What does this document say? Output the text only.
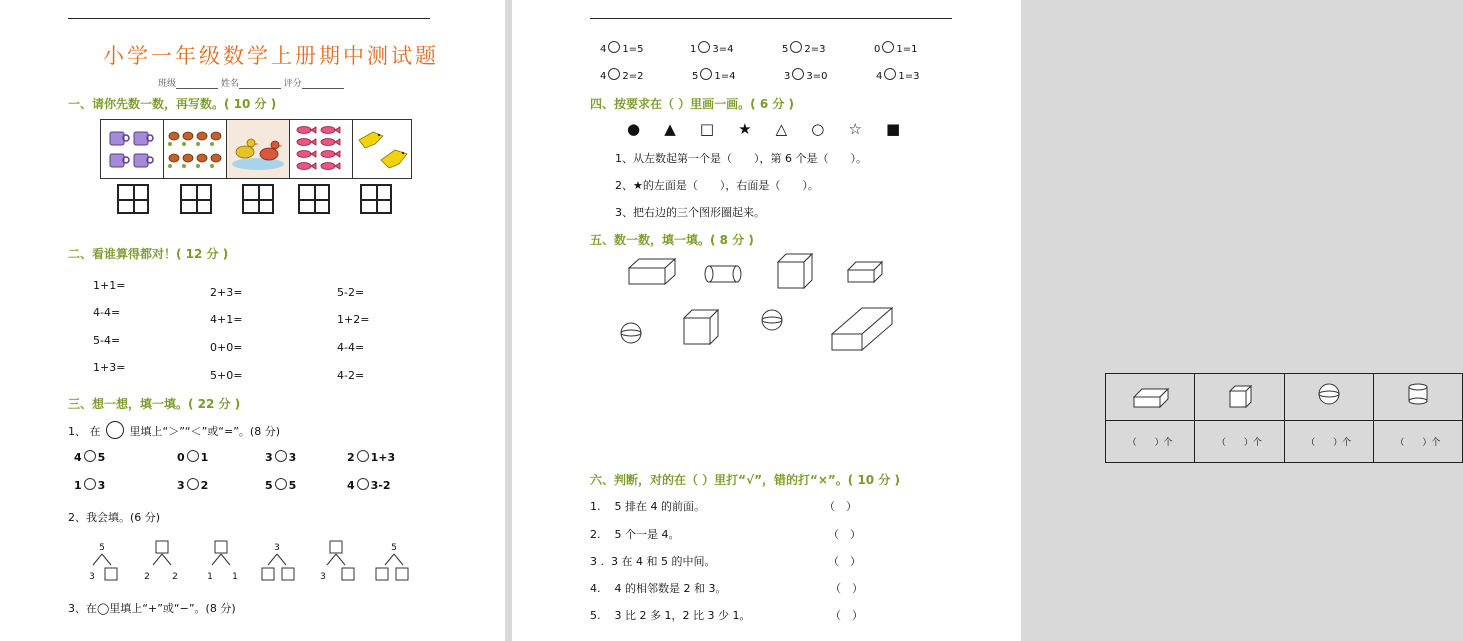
小学一年级数学上册期中测试题
班级	姓名	评分
一、请你先数一数，再写数。( 10 分 )
二、看谁算得都对！( 12 分 )
1+1=
4-4=
5-4=
1+3=
2+3=
4+1=
0+0=
5+0=
5-2=
1+2=
4-4=
4-2=
三、想一想，填一填。( 22 分 )
1、 在	里填上“＞”“＜”或“=”。(8 分)
4 5	0 1	3 3	2 1+3
1 3	3 2	5 5	4 3-2
2、我会填。(6 分)
5
3	2 2	1 1
3
3
5
3、在◯里填上“+”或“−”。(8 分)
4 1=5	1 3=4	5 2=3	0 1=1
4 2=2	5 1=4	3 3=0	4 1=3
四、按要求在（ ）里画一画。( 6 分 )
● ▲ □ ★ △ ○ ☆ ■
1、从左数起第一个是（　　），第 6 个是（　　）。
2、★的左面是（　　），右面是（　　）。
3、把右边的三个图形圈起来。
五、数一数，填一填。( 8 分 )

（　　）个	（　　）个	（　　）个	（　　）个
六、判断，对的在（ ）里打“√”，错的打“×”。( 10 分 )
1. 5 排在 4 的前面。	（　）
2. 5 个一是 4。	（　）
3 . 3 在 4 和 5 的中间。	（　）
4. 4 的相邻数是 2 和 3。	（　）
5. 3 比 2 多 1，2 比 3 少 1。	（　）
